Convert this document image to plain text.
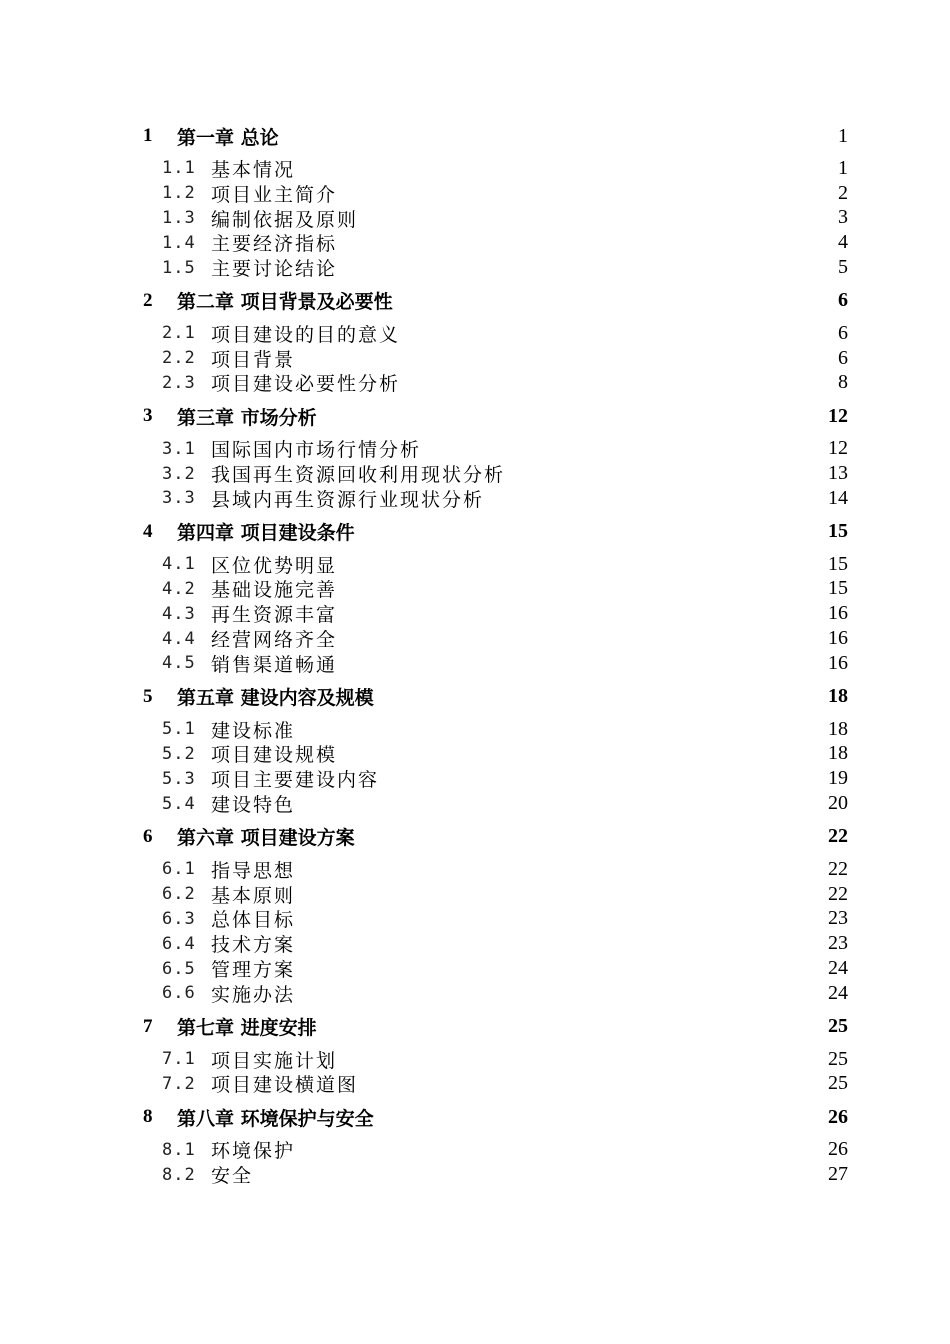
1	第一章 总论	1
1.1 基本情况	1
1.2 项目业主简介	2
1.3 编制依据及原则	3
1.4 主要经济指标	4
1.5 主要讨论结论	5
2	第二章 项目背景及必要性	6
2.1 项目建设的目的意义	6
2.2 项目背景	6
2.3 项目建设必要性分析	8
3	第三章 市场分析	12
3.1 国际国内市场行情分析	12
3.2 我国再生资源回收利用现状分析	13
3.3 县域内再生资源行业现状分析	14
4	第四章 项目建设条件	15
4.1 区位优势明显	15
4.2 基础设施完善	15
4.3 再生资源丰富	16
4.4 经营网络齐全	16
4.5 销售渠道畅通	16
5	第五章 建设内容及规模	18
5.1 建设标准	18
5.2 项目建设规模	18
5.3 项目主要建设内容	19
5.4 建设特色	20
6	第六章 项目建设方案	22
6.1 指导思想	22
6.2 基本原则	22
6.3 总体目标	23
6.4 技术方案	23
6.5 管理方案	24
6.6 实施办法	24
7	第七章 进度安排	25
7.1 项目实施计划	25
7.2 项目建设横道图	25
8	第八章 环境保护与安全	26
8.1 环境保护	26
8.2 安全	27
